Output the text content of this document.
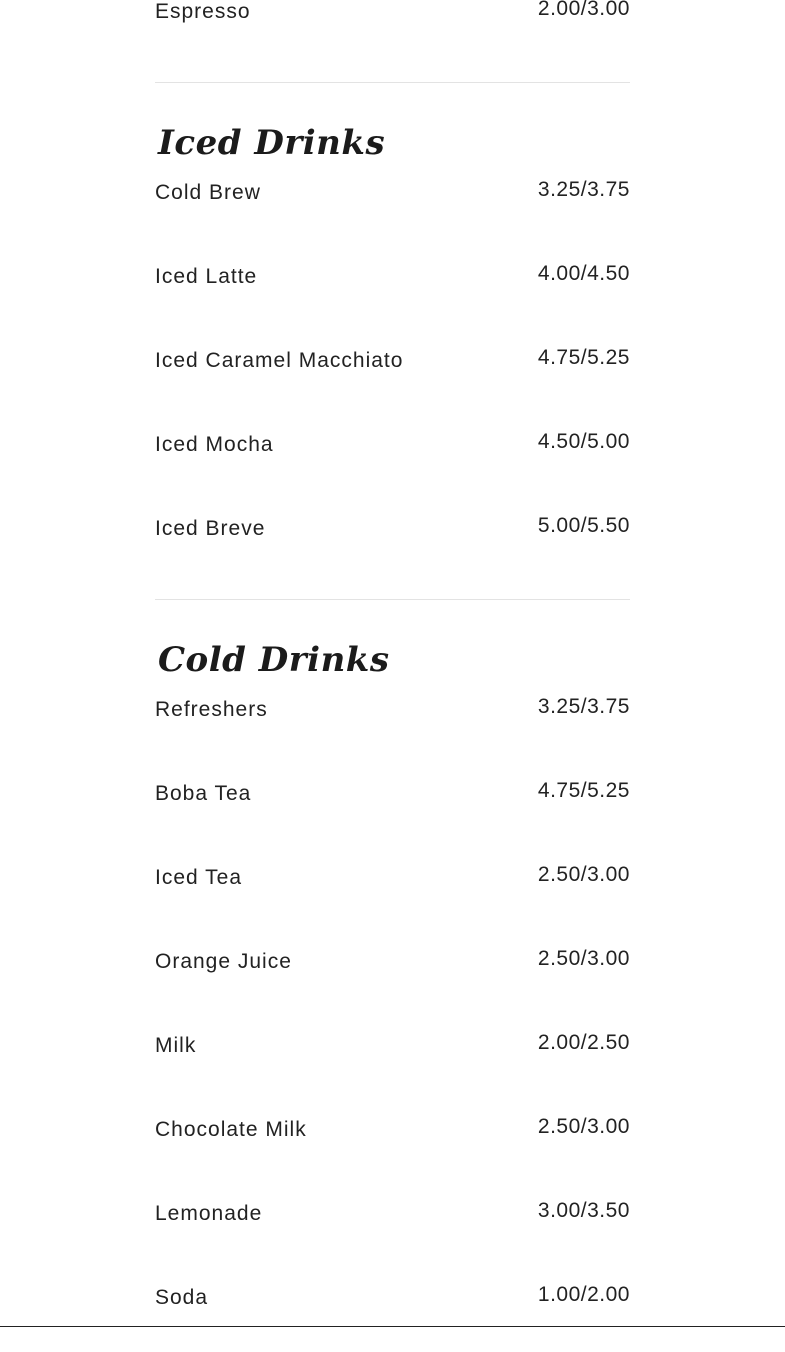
Espresso	2.00/3.00
Iced Drinks
Cold Brew	3.25/3.75
Iced Latte	4.00/4.50
Iced Caramel Macchiato	4.75/5.25
Iced Mocha	4.50/5.00
Iced Breve	5.00/5.50
Cold Drinks
Refreshers	3.25/3.75
Boba Tea	4.75/5.25
Iced Tea	2.50/3.00
Orange Juice	2.50/3.00
Milk	2.00/2.50
Chocolate Milk	2.50/3.00
Lemonade	3.00/3.50
Soda	1.00/2.00
